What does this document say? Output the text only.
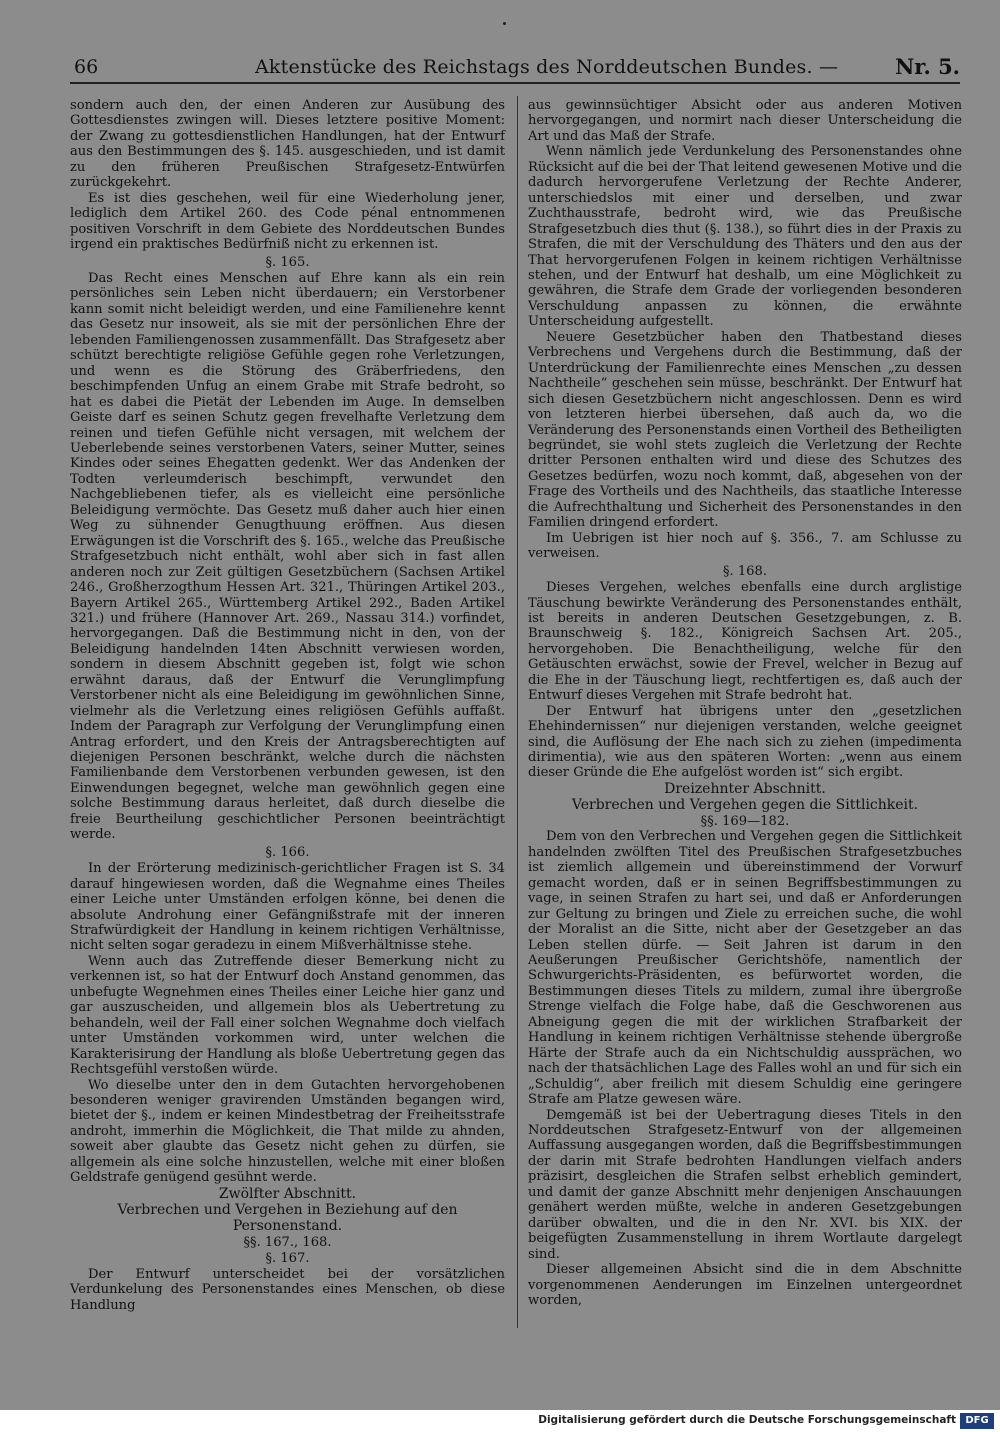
66	Aktenstücke des Reichstags des Norddeutschen Bundes. —	Nr. 5.

sondern auch den, der einen Anderen zur Ausübung des Gottesdienstes zwingen will. Dieses letztere positive Moment: der Zwang zu gottesdienstlichen Handlungen, hat der Entwurf aus den Bestimmungen des §. 145. ausgeschieden, und ist damit zu den früheren Preußischen Strafgesetz-Entwürfen zurückgekehrt.

Es ist dies geschehen, weil für eine Wiederholung jener, lediglich dem Artikel 260. des Code pénal entnommenen positiven Vorschrift in dem Gebiete des Norddeutschen Bundes irgend ein praktisches Bedürfniß nicht zu erkennen ist.

§. 165.

Das Recht eines Menschen auf Ehre kann als ein rein persönliches sein Leben nicht überdauern; ein Verstorbener kann somit nicht beleidigt werden, und eine Familienehre kennt das Gesetz nur insoweit, als sie mit der persönlichen Ehre der lebenden Familiengenossen zusammenfällt. Das Strafgesetz aber schützt berechtigte religiöse Gefühle gegen rohe Verletzungen, und wenn es die Störung des Gräberfriedens, den beschimpfenden Unfug an einem Grabe mit Strafe bedroht, so hat es dabei die Pietät der Lebenden im Auge. In demselben Geiste darf es seinen Schutz gegen frevelhafte Verletzung dem reinen und tiefen Gefühle nicht versagen, mit welchem der Ueberlebende seines verstorbenen Vaters, seiner Mutter, seines Kindes oder seines Ehegatten gedenkt. Wer das Andenken der Todten verleumderisch beschimpft, verwundet den Nachgebliebenen tiefer, als es vielleicht eine persönliche Beleidigung vermöchte. Das Gesetz muß daher auch hier einen Weg zu sühnender Genugthuung eröffnen. Aus diesen Erwägungen ist die Vorschrift des §. 165., welche das Preußische Strafgesetzbuch nicht enthält, wohl aber sich in fast allen anderen noch zur Zeit gültigen Gesetzbüchern (Sachsen Artikel 246., Großherzogthum Hessen Art. 321., Thüringen Artikel 203., Bayern Artikel 265., Württemberg Artikel 292., Baden Artikel 321.) und frühere (Hannover Art. 269., Nassau 314.) vorfindet, hervorgegangen. Daß die Bestimmung nicht in den, von der Beleidigung handelnden 14ten Abschnitt verwiesen worden, sondern in diesem Abschnitt gegeben ist, folgt wie schon erwähnt daraus, daß der Entwurf die Verunglimpfung Verstorbener nicht als eine Beleidigung im gewöhnlichen Sinne, vielmehr als die Verletzung eines religiösen Gefühls auffaßt. Indem der Paragraph zur Verfolgung der Verunglimpfung einen Antrag erfordert, und den Kreis der Antragsberechtigten auf diejenigen Personen beschränkt, welche durch die nächsten Familienbande dem Verstorbenen verbunden gewesen, ist den Einwendungen begegnet, welche man gewöhnlich gegen eine solche Bestimmung daraus herleitet, daß durch dieselbe die freie Beurtheilung geschichtlicher Personen beeinträchtigt werde.

§. 166.

In der Erörterung medizinisch-gerichtlicher Fragen ist S. 34 darauf hingewiesen worden, daß die Wegnahme eines Theiles einer Leiche unter Umständen erfolgen könne, bei denen die absolute Androhung einer Gefängnißstrafe mit der inneren Strafwürdigkeit der Handlung in keinem richtigen Verhältnisse, nicht selten sogar geradezu in einem Mißverhältnisse stehe.

Wenn auch das Zutreffende dieser Bemerkung nicht zu verkennen ist, so hat der Entwurf doch Anstand genommen, das unbefugte Wegnehmen eines Theiles einer Leiche hier ganz und gar auszuscheiden, und allgemein blos als Uebertretung zu behandeln, weil der Fall einer solchen Wegnahme doch vielfach unter Umständen vorkommen wird, unter welchen die Karakterisirung der Handlung als bloße Uebertretung gegen das Rechtsgefühl verstoßen würde.

Wo dieselbe unter den in dem Gutachten hervorgehobenen besonderen weniger gravirenden Umständen begangen wird, bietet der §., indem er keinen Mindestbetrag der Freiheitsstrafe androht, immerhin die Möglichkeit, die That milde zu ahnden, soweit aber glaubte das Gesetz nicht gehen zu dürfen, sie allgemein als eine solche hinzustellen, welche mit einer bloßen Geldstrafe genügend gesühnt werde.

Zwölfter Abschnitt.

Verbrechen und Vergehen in Beziehung auf den Personenstand.

§§. 167., 168.

§. 167.

Der Entwurf unterscheidet bei der vorsätzlichen Verdunkelung des Personenstandes eines Menschen, ob diese Handlung

aus gewinnsüchtiger Absicht oder aus anderen Motiven hervorgegangen, und normirt nach dieser Unterscheidung die Art und das Maß der Strafe.

Wenn nämlich jede Verdunkelung des Personenstandes ohne Rücksicht auf die bei der That leitend gewesenen Motive und die dadurch hervorgerufene Verletzung der Rechte Anderer, unterschiedslos mit einer und derselben, und zwar Zuchthausstrafe, bedroht wird, wie das Preußische Strafgesetzbuch dies thut (§. 138.), so führt dies in der Praxis zu Strafen, die mit der Verschuldung des Thäters und den aus der That hervorgerufenen Folgen in keinem richtigen Verhältnisse stehen, und der Entwurf hat deshalb, um eine Möglichkeit zu gewähren, die Strafe dem Grade der vorliegenden besonderen Verschuldung anpassen zu können, die erwähnte Unterscheidung aufgestellt.

Neuere Gesetzbücher haben den Thatbestand dieses Verbrechens und Vergehens durch die Bestimmung, daß der Unterdrückung der Familienrechte eines Menschen „zu dessen Nachtheile“ geschehen sein müsse, beschränkt. Der Entwurf hat sich diesen Gesetzbüchern nicht angeschlossen. Denn es wird von letzteren hierbei übersehen, daß auch da, wo die Veränderung des Personenstands einen Vortheil des Betheiligten begründet, sie wohl stets zugleich die Verletzung der Rechte dritter Personen enthalten wird und diese des Schutzes des Gesetzes bedürfen, wozu noch kommt, daß, abgesehen von der Frage des Vortheils und des Nachtheils, das staatliche Interesse die Aufrechthaltung und Sicherheit des Personenstandes in den Familien dringend erfordert.

Im Uebrigen ist hier noch auf §. 356., 7. am Schlusse zu verweisen.

§. 168.

Dieses Vergehen, welches ebenfalls eine durch arglistige Täuschung bewirkte Veränderung des Personenstandes enthält, ist bereits in anderen Deutschen Gesetzgebungen, z. B. Braunschweig §. 182., Königreich Sachsen Art. 205., hervorgehoben. Die Benachtheiligung, welche für den Getäuschten erwächst, sowie der Frevel, welcher in Bezug auf die Ehe in der Täuschung liegt, rechtfertigen es, daß auch der Entwurf dieses Vergehen mit Strafe bedroht hat.

Der Entwurf hat übrigens unter den „gesetzlichen Ehehindernissen“ nur diejenigen verstanden, welche geeignet sind, die Auflösung der Ehe nach sich zu ziehen (impedimenta dirimentia), wie aus den späteren Worten: „wenn aus einem dieser Gründe die Ehe aufgelöst worden ist“ sich ergibt.

Dreizehnter Abschnitt.

Verbrechen und Vergehen gegen die Sittlichkeit.

§§. 169—182.

Dem von den Verbrechen und Vergehen gegen die Sittlichkeit handelnden zwölften Titel des Preußischen Strafgesetzbuches ist ziemlich allgemein und übereinstimmend der Vorwurf gemacht worden, daß er in seinen Begriffsbestimmungen zu vage, in seinen Strafen zu hart sei, und daß er Anforderungen zur Geltung zu bringen und Ziele zu erreichen suche, die wohl der Moralist an die Sitte, nicht aber der Gesetzgeber an das Leben stellen dürfe. — Seit Jahren ist darum in den Aeußerungen Preußischer Gerichtshöfe, namentlich der Schwurgerichts-Präsidenten, es befürwortet worden, die Bestimmungen dieses Titels zu mildern, zumal ihre übergroße Strenge vielfach die Folge habe, daß die Geschworenen aus Abneigung gegen die mit der wirklichen Strafbarkeit der Handlung in keinem richtigen Verhältnisse stehende übergroße Härte der Strafe auch da ein Nichtschuldig aussprächen, wo nach der thatsächlichen Lage des Falles wohl an und für sich ein „Schuldig“, aber freilich mit diesem Schuldig eine geringere Strafe am Platze gewesen wäre.

Demgemäß ist bei der Uebertragung dieses Titels in den Norddeutschen Strafgesetz-Entwurf von der allgemeinen Auffassung ausgegangen worden, daß die Begriffsbestimmungen der darin mit Strafe bedrohten Handlungen vielfach anders präzisirt, desgleichen die Strafen selbst erheblich gemindert, und damit der ganze Abschnitt mehr denjenigen Anschauungen genähert werden müßte, welche in anderen Gesetzgebungen darüber obwalten, und die in den Nr. XVI. bis XIX. der beigefügten Zusammenstellung in ihrem Wortlaute dargelegt sind.

Dieser allgemeinen Absicht sind die in dem Abschnitte vorgenommenen Aenderungen im Einzelnen untergeordnet worden,

Digitalisierung gefördert durch die Deutsche Forschungsgemeinschaft DFG
